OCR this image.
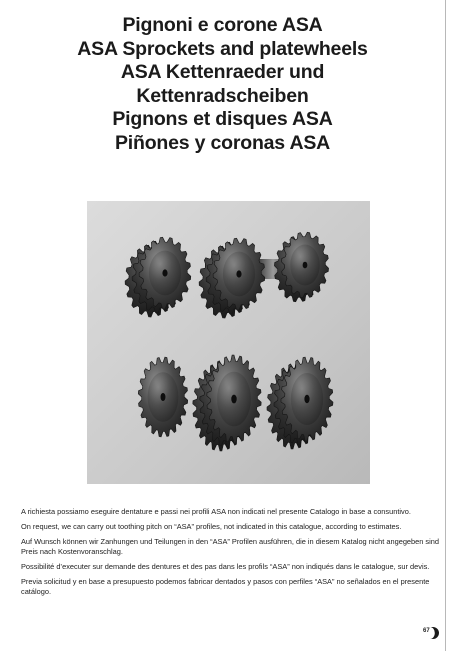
Pignoni e corone ASA
ASA Sprockets and platewheels
ASA Kettenraeder und
Kettenradscheiben
Pignons et disques ASA
Piñones y coronas ASA

A richiesta possiamo eseguire dentature e passi nei profili ASA non indicati nel presente Catalogo in base a consuntivo.

On request, we can carry out toothing pitch on “ASA” profiles, not indicated in this catalogue, according to estimates.

Auf Wunsch können wir Zanhungen und Teilungen in den “ASA” Profilen ausführen, die in diesem Katalog nicht angegeben sind Preis nach Kostenvoranschlag.

Possibilité d’executer sur demande des dentures et des pas dans les profils “ASA” non indiqués dans le catalogue, sur devis.

Previa solicitud y en base a presupuesto podemos fabricar dentados y pasos con perfiles “ASA” no señalados en el presente catálogo.

67
